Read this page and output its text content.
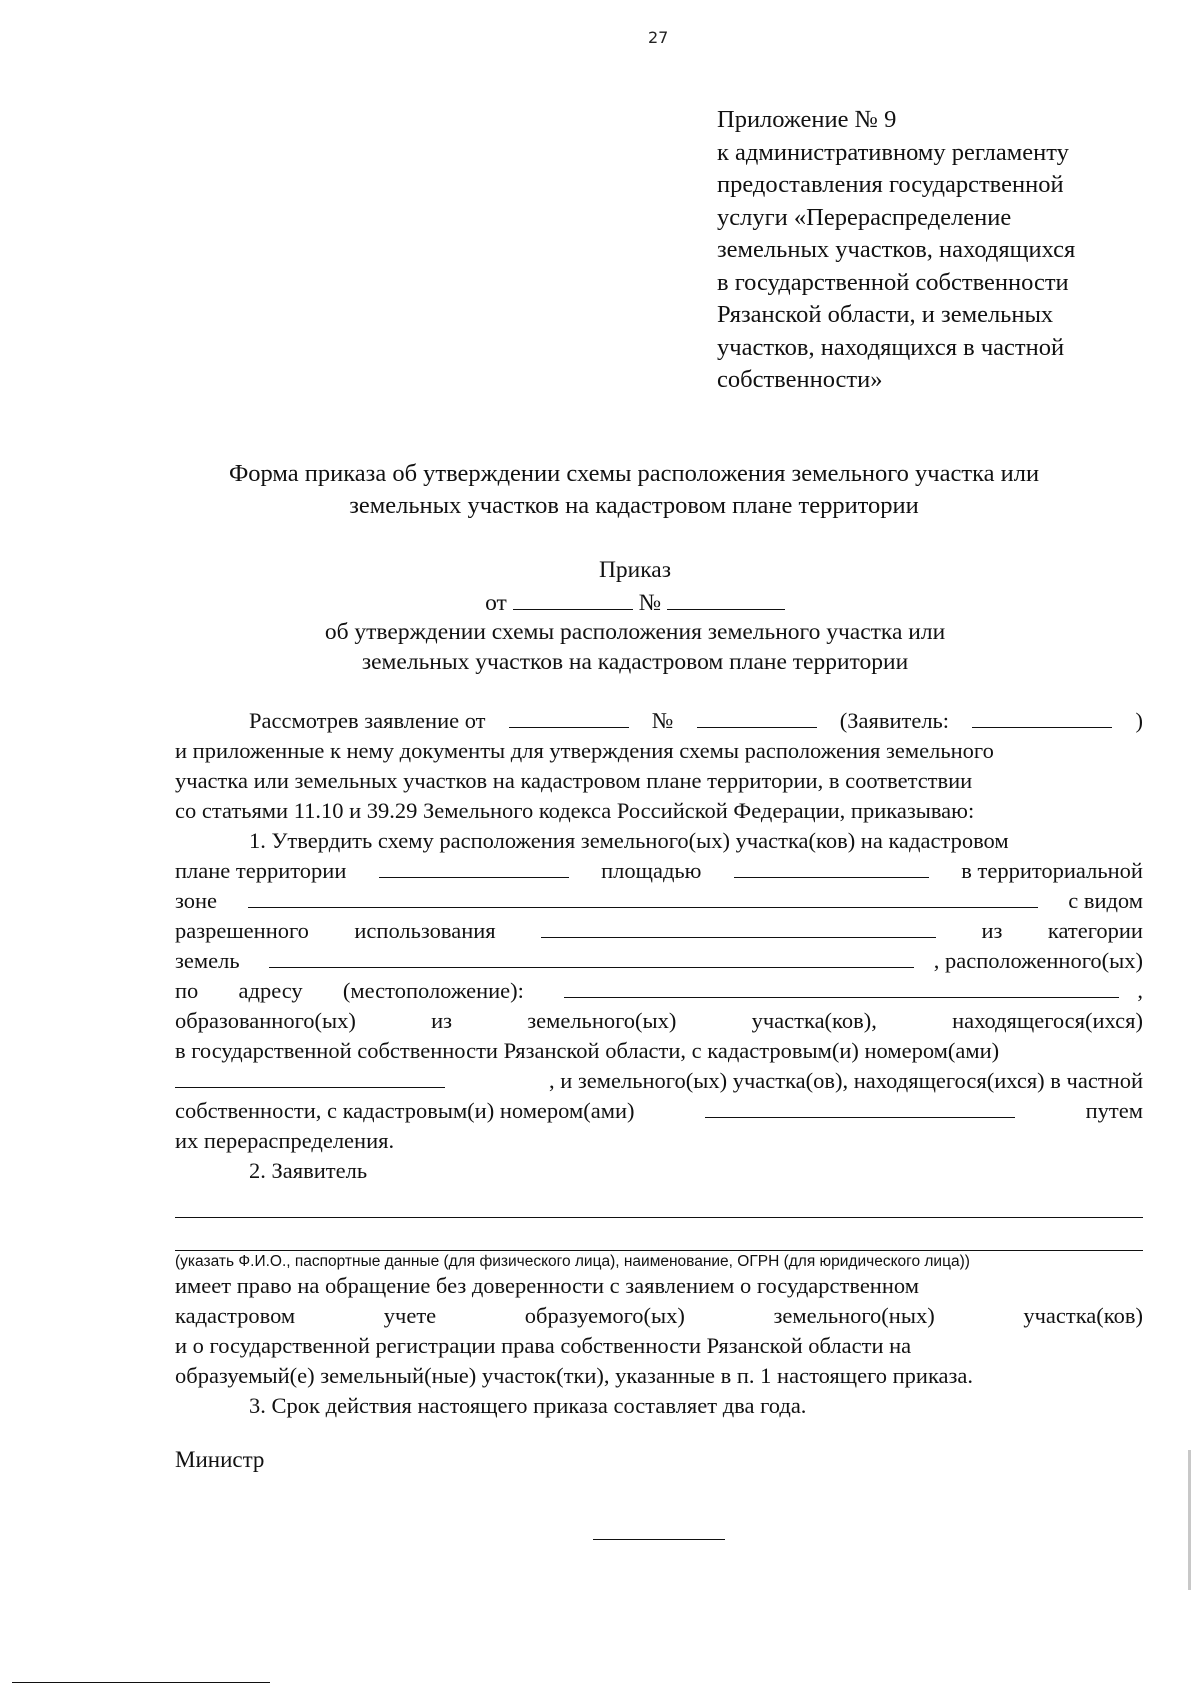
27
Приложение № 9
к административному регламенту
предоставления государственной
услуги «Перераспределение
земельных участков, находящихся
в государственной собственности
Рязанской области, и земельных
участков, находящихся в частной
собственности»
Форма приказа об утверждении схемы расположения земельного участка или
земельных участков на кадастровом плане территории
Приказ
от	№
об утверждении схемы расположения земельного участка или
земельных участков на кадастровом плане территории
Рассмотрев заявление от	№	(Заявитель:	)
и приложенные к нему документы для утверждения схемы расположения земельного
участка или земельных участков на кадастровом плане территории, в соответствии
со статьями 11.10 и 39.29 Земельного кодекса Российской Федерации, приказываю:
1. Утвердить схему расположения земельного(ых) участка(ков) на кадастровом
плане территории	площадью	в территориальной
зоне	с видом
разрешенного использования	из категории
земель	, расположенного(ых)
по адресу (местоположение):	,
образованного(ых)	из	земельного(ых)	участка(ков),	находящегося(ихся)
в государственной собственности Рязанской области, с кадастровым(и) номером(ами)
, и земельного(ых) участка(ов), находящегося(ихся) в частной
собственности, с кадастровым(и) номером(ами)	путем
их перераспределения.
2. Заявитель
(указать Ф.И.О., паспортные данные (для физического лица), наименование, ОГРН (для юридического лица))
имеет право на обращение без доверенности с заявлением о государственном
кадастровом	учете	образуемого(ых)	земельного(ных)	участка(ков)
и о государственной регистрации права собственности Рязанской области на
образуемый(е) земельный(ные) участок(тки), указанные в п. 1 настоящего приказа.
3. Срок действия настоящего приказа составляет два года.
Министр
